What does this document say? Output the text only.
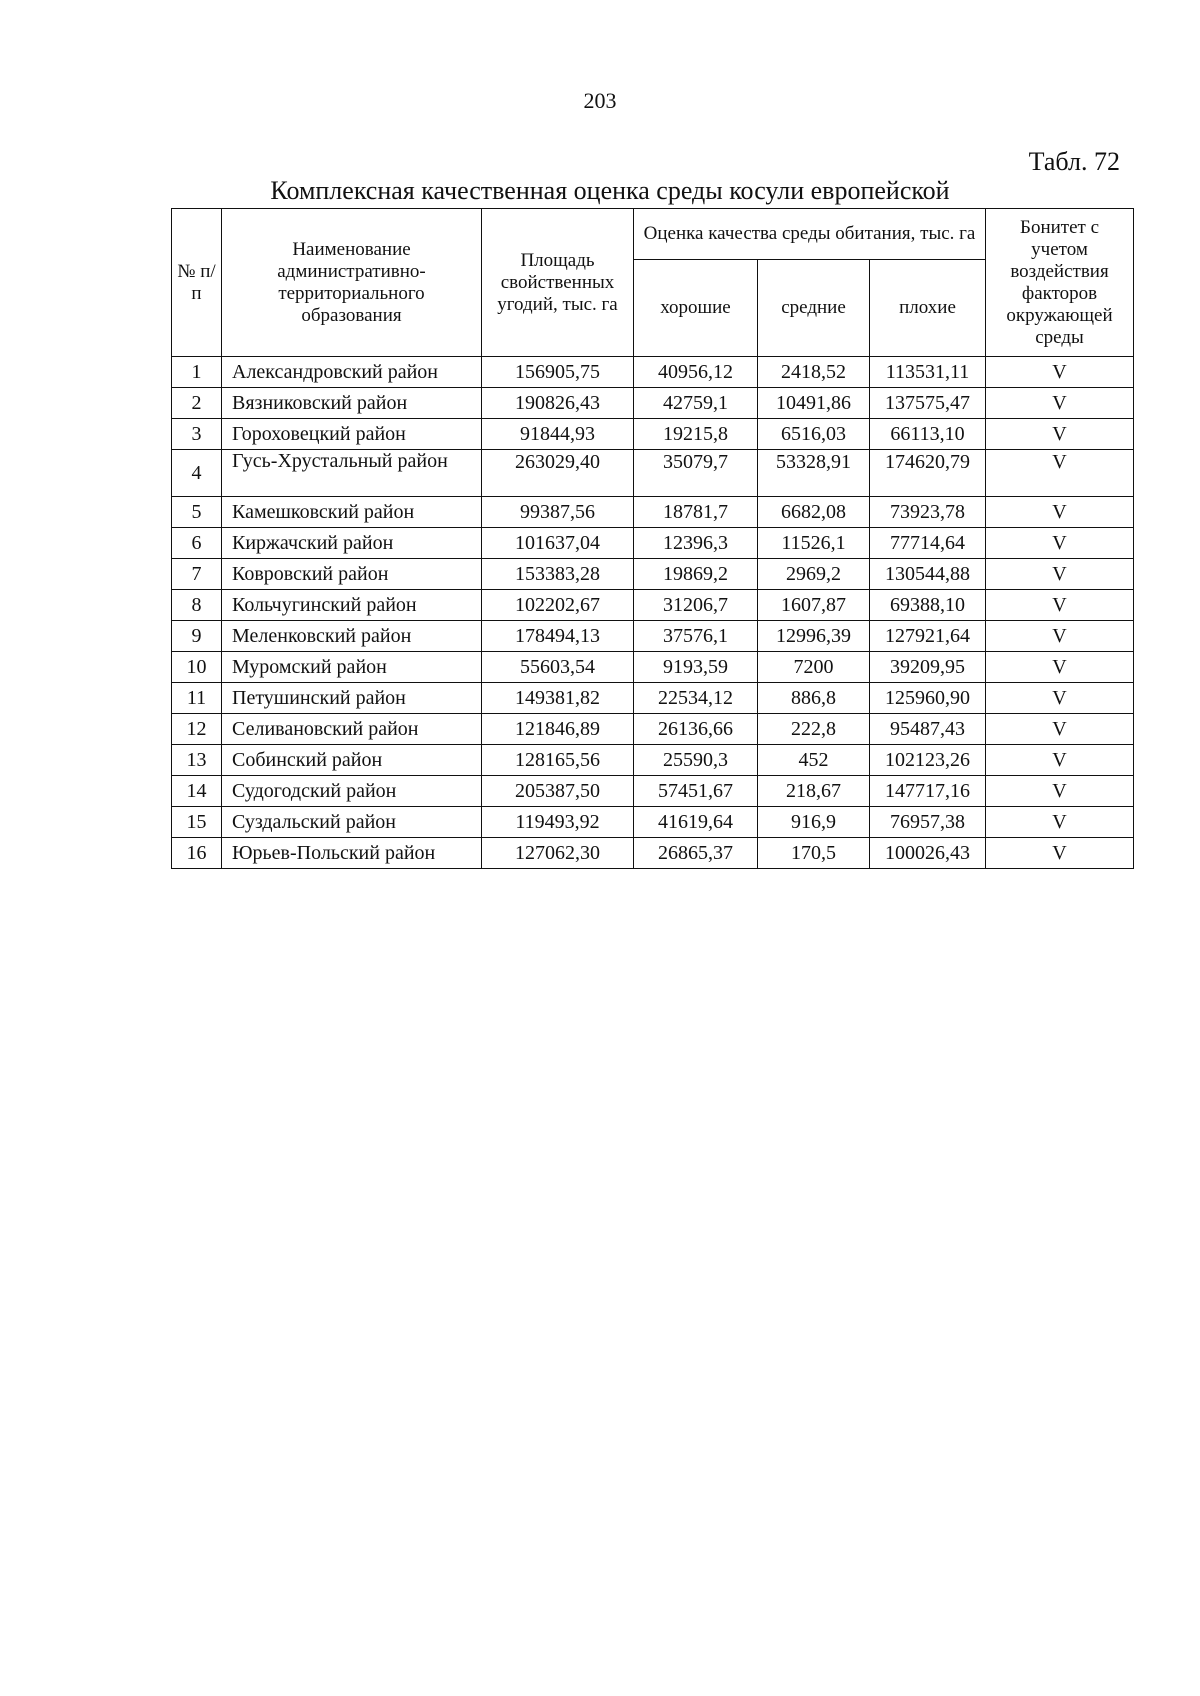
203
Табл. 72
Комплексная качественная оценка среды косули европейской
№ п/п	Наименование административно-территориального образования	Площадь свойственных угодий, тыс. га	Оценка качества среды обитания, тыс. га			Бонитет с учетом воздействия факторов окружающей среды
			хорошие	средние	плохие	
1	Александровский район	156905,75	40956,12	2418,52	113531,11	V
2	Вязниковский район	190826,43	42759,1	10491,86	137575,47	V
3	Гороховецкий район	91844,93	19215,8	6516,03	66113,10	V
4	Гусь-Хрустальный район	263029,40	35079,7	53328,91	174620,79	V
5	Камешковский район	99387,56	18781,7	6682,08	73923,78	V
6	Киржачский район	101637,04	12396,3	11526,1	77714,64	V
7	Ковровский район	153383,28	19869,2	2969,2	130544,88	V
8	Кольчугинский район	102202,67	31206,7	1607,87	69388,10	V
9	Меленковский район	178494,13	37576,1	12996,39	127921,64	V
10	Муромский район	55603,54	9193,59	7200	39209,95	V
11	Петушинский район	149381,82	22534,12	886,8	125960,90	V
12	Селивановский район	121846,89	26136,66	222,8	95487,43	V
13	Собинский район	128165,56	25590,3	452	102123,26	V
14	Судогодский район	205387,50	57451,67	218,67	147717,16	V
15	Суздальский район	119493,92	41619,64	916,9	76957,38	V
16	Юрьев-Польский район	127062,30	26865,37	170,5	100026,43	V
